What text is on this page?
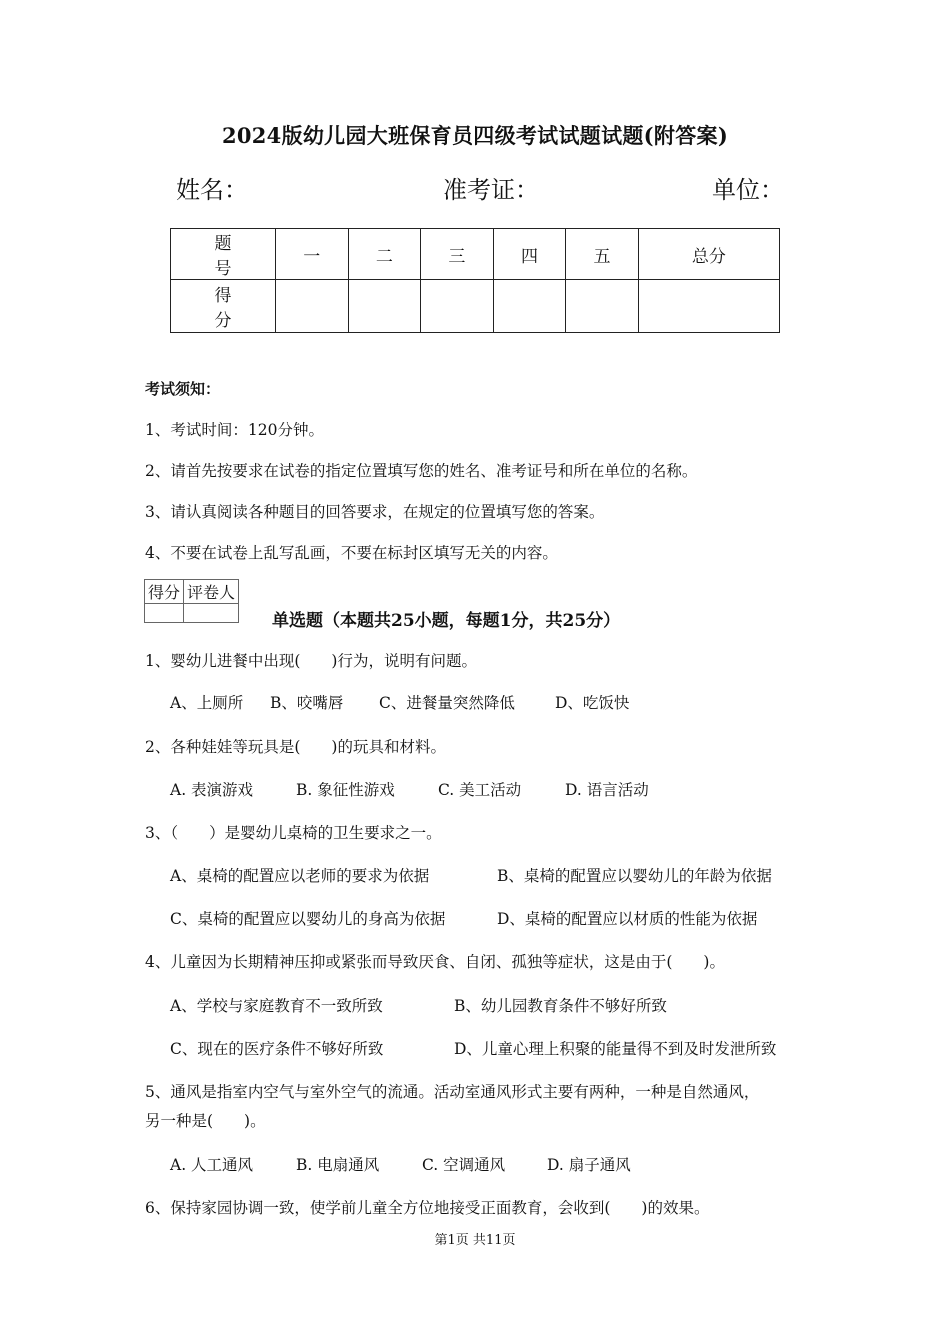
2024版幼儿园大班保育员四级考试试题试题(附答案)
姓名：	准考证：	单位：
题　号	一	二	三	四	五	总分
得　分						
考试须知：
1、考试时间：120分钟。
2、请首先按要求在试卷的指定位置填写您的姓名、准考证号和所在单位的名称。
3、请认真阅读各种题目的回答要求，在规定的位置填写您的答案。
4、不要在试卷上乱写乱画，不要在标封区填写无关的内容。
得分	评卷人

单选题（本题共25小题，每题1分，共25分）
1、婴幼儿进餐中出现(　　)行为，说明有问题。
A、上厕所 B、咬嘴唇 C、进餐量突然降低	D、吃饭快
2、各种娃娃等玩具是(　　)的玩具和材料。
A. 表演游戏	B. 象征性游戏	C. 美工活动	D. 语言活动
3、（　　）是婴幼儿桌椅的卫生要求之一。
A、桌椅的配置应以老师的要求为依据	B、桌椅的配置应以婴幼儿的年龄为依据
C、桌椅的配置应以婴幼儿的身高为依据	D、桌椅的配置应以材质的性能为依据
4、儿童因为长期精神压抑或紧张而导致厌食、自闭、孤独等症状，这是由于(　　)。
A、学校与家庭教育不一致所致	B、幼儿园教育条件不够好所致
C、现在的医疗条件不够好所致	D、儿童心理上积聚的能量得不到及时发泄所致
5、通风是指室内空气与室外空气的流通。活动室通风形式主要有两种，一种是自然通风，
另一种是(　　)。
A. 人工通风	B. 电扇通风	C. 空调通风	D. 扇子通风
6、保持家园协调一致，使学前儿童全方位地接受正面教育，会收到(　　)的效果。
第1页 共11页
